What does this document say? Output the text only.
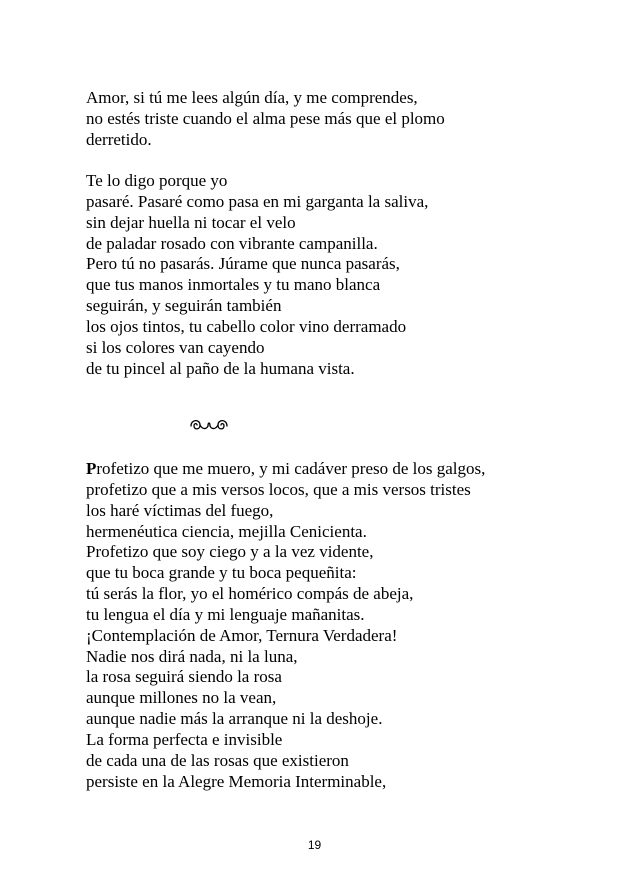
Amor, si tú me lees algún día, y me comprendes,
no estés triste cuando el alma pese más que el plomo
derretido.
Te lo digo porque yo
pasaré. Pasaré como pasa en mi garganta la saliva,
sin dejar huella ni tocar el velo
de paladar rosado con vibrante campanilla.
Pero tú no pasarás. Júrame que nunca pasarás,
que tus manos inmortales y tu mano blanca
seguirán, y seguirán también
los ojos tintos, tu cabello color vino derramado
si los colores van cayendo
de tu pincel al paño de la humana vista.
Profetizo que me muero, y mi cadáver preso de los galgos,
profetizo que a mis versos locos, que a mis versos tristes
los haré víctimas del fuego,
hermenéutica ciencia, mejilla Cenicienta.
Profetizo que soy ciego y a la vez vidente,
que tu boca grande y tu boca pequeñita:
tú serás la flor, yo el homérico compás de abeja,
tu lengua el día y mi lenguaje mañanitas.
¡Contemplación de Amor, Ternura Verdadera!
Nadie nos dirá nada, ni la luna,
la rosa seguirá siendo la rosa
aunque millones no la vean,
aunque nadie más la arranque ni la deshoje.
La forma perfecta e invisible
de cada una de las rosas que existieron
persiste en la Alegre Memoria Interminable,
19
